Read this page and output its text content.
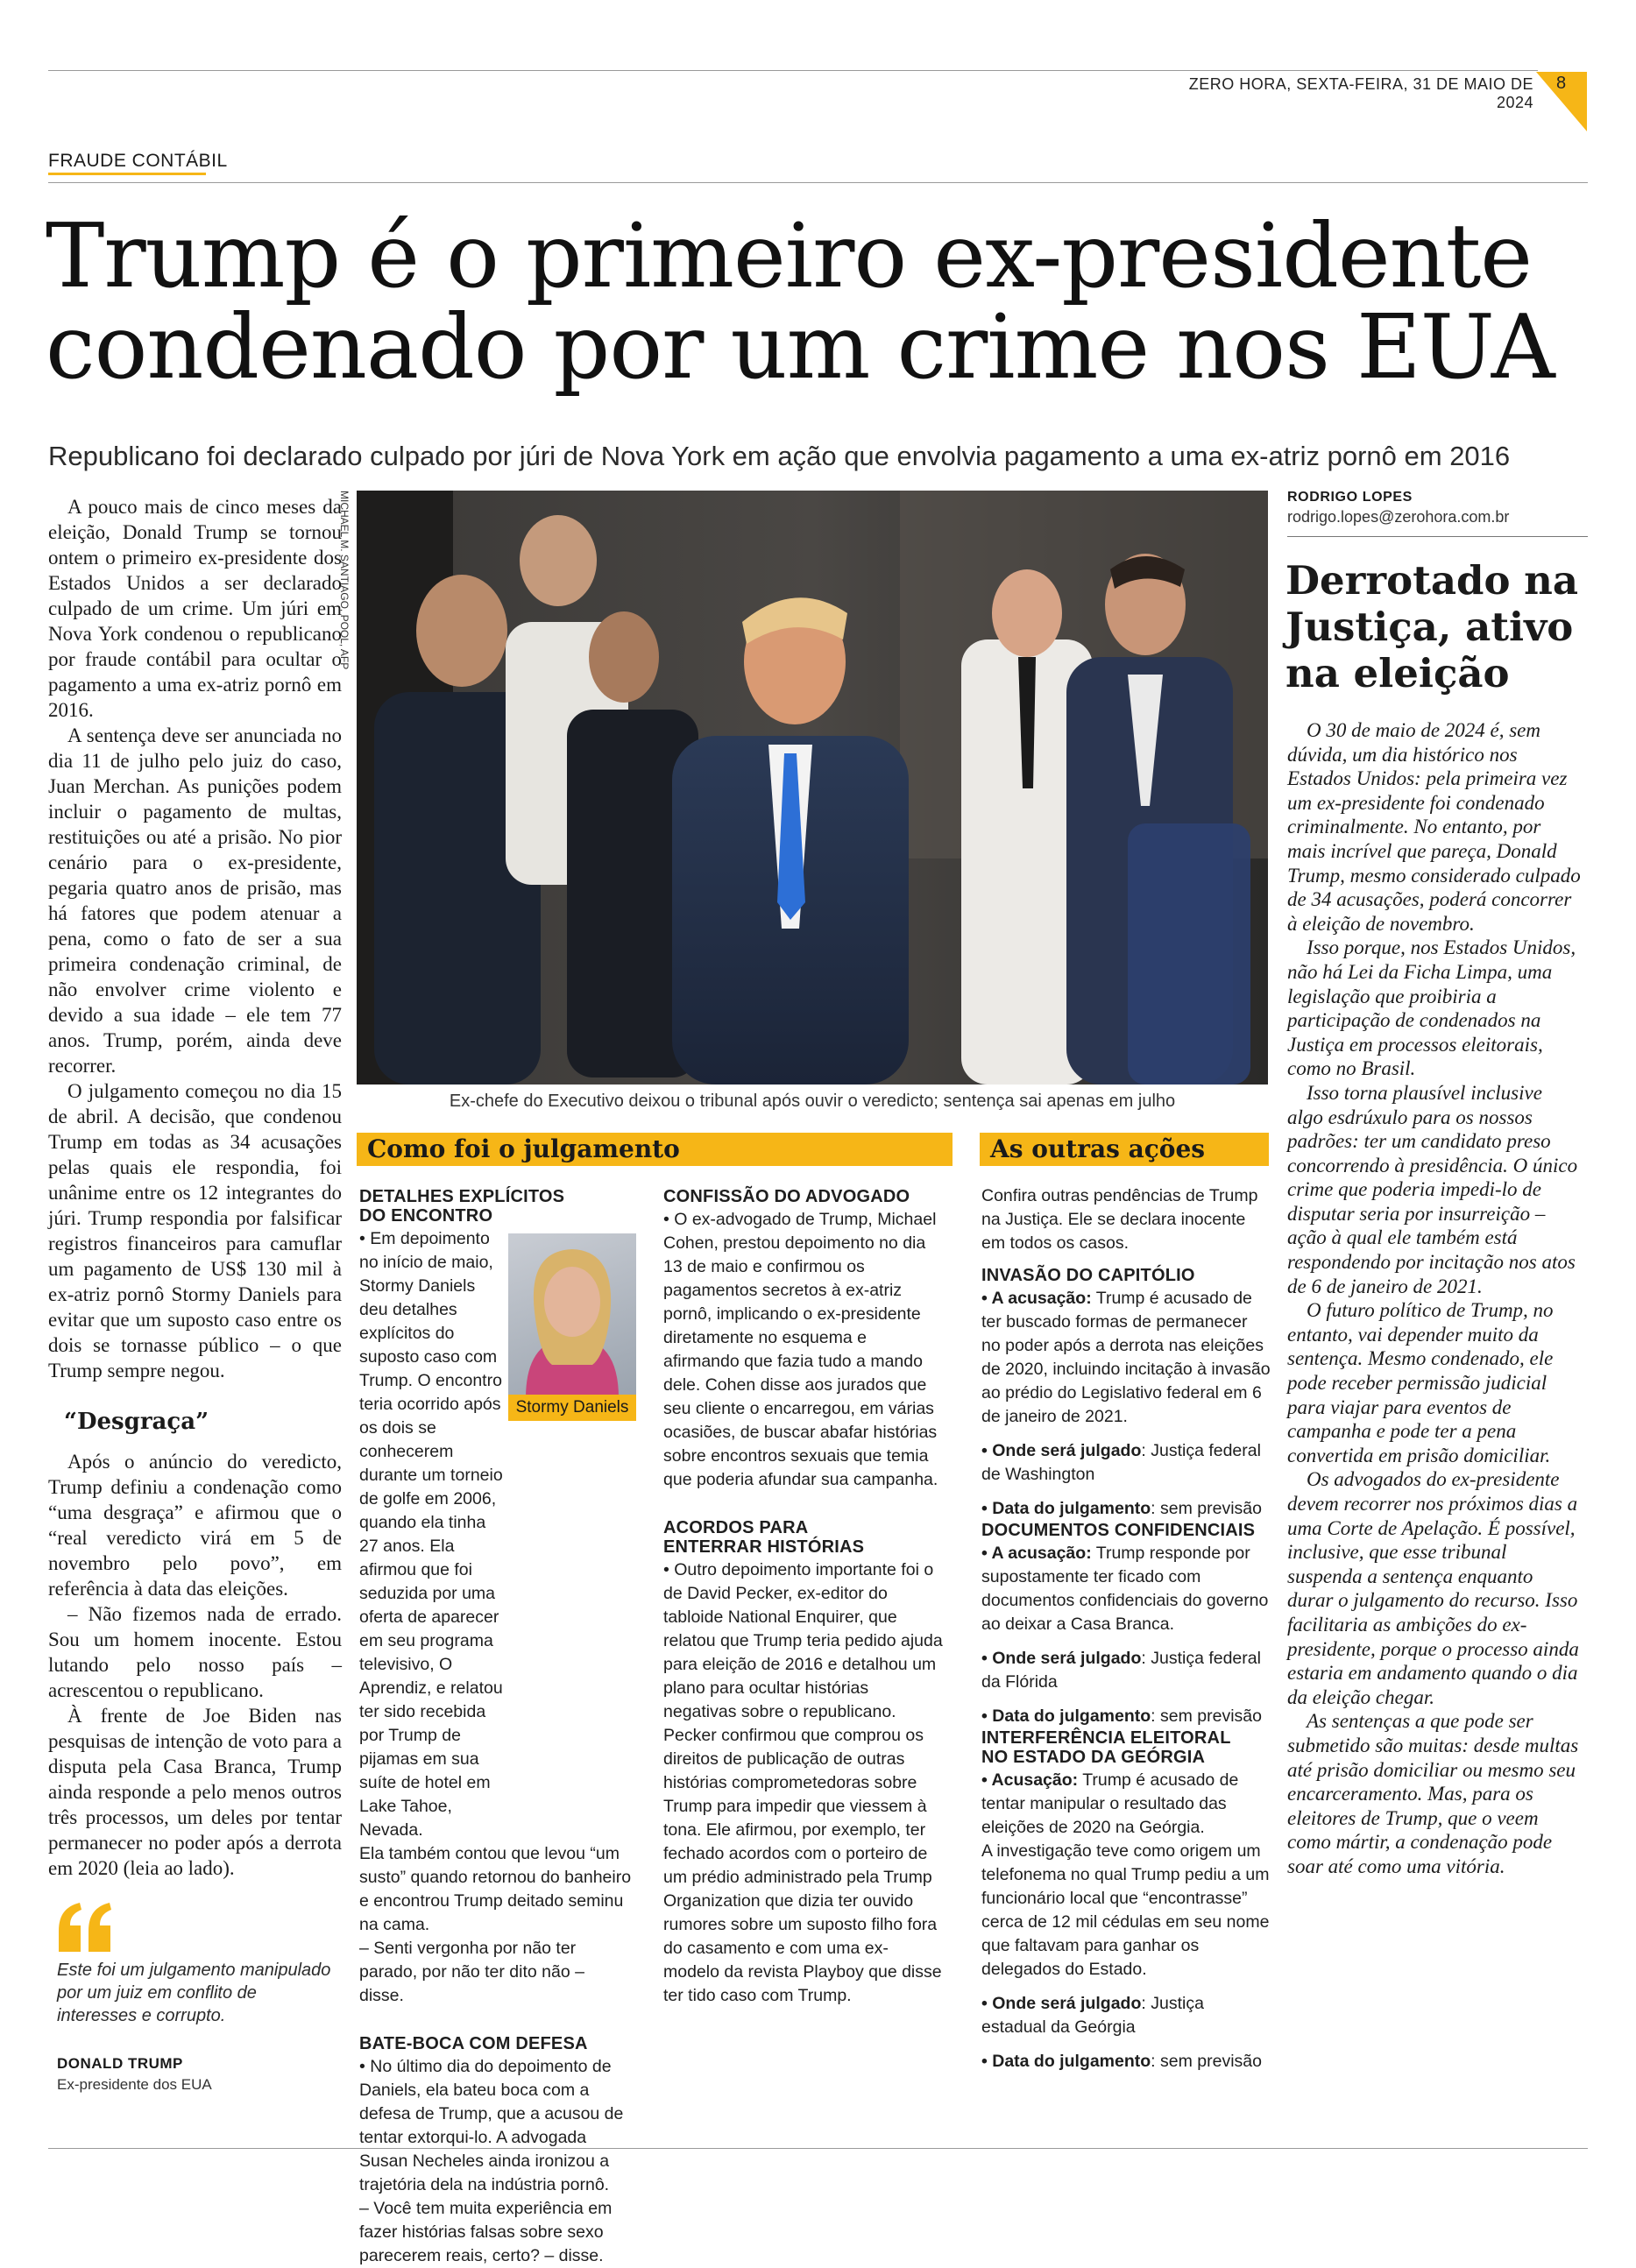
ZERO HORA, SEXTA-FEIRA, 31 DE MAIO DE 2024
8
FRAUDE CONTÁBIL
Trump é o primeiro ex-presidente
condenado por um crime nos EUA
Republicano foi declarado culpado por júri de Nova York em ação que envolvia pagamento a uma ex-atriz pornô em 2016

A pouco mais de cinco meses da eleição, Donald Trump se tornou ontem o primeiro ex-presidente dos Estados Unidos a ser declarado culpado de um crime. Um júri em Nova York condenou o republicano por fraude contábil para ocultar o pagamento a uma ex-atriz pornô em 2016.

A sentença deve ser anunciada no dia 11 de julho pelo juiz do caso, Juan Merchan. As punições podem incluir o pagamento de multas, restituições ou até a prisão. No pior cenário para o ex-presidente, pegaria quatro anos de prisão, mas há fatores que podem atenuar a pena, como o fato de ser a sua primeira condenação criminal, de não envolver crime violento e devido a sua idade – ele tem 77 anos. Trump, porém, ainda deve recorrer.

O julgamento começou no dia 15 de abril. A decisão, que condenou Trump em todas as 34 acusações pelas quais ele respondia, foi unânime entre os 12 integrantes do júri. Trump respondia por falsificar registros financeiros para camuflar um pagamento de US$ 130 mil à ex-atriz pornô Stormy Daniels para evitar que um suposto caso entre os dois se tornasse público – o que Trump sempre negou.

“Desgraça”

Após o anúncio do veredicto, Trump definiu a condenação como “uma desgraça” e afirmou que o “real veredicto virá em 5 de novembro pelo povo”, em referência à data das eleições.

– Não fizemos nada de errado. Sou um homem inocente. Estou lutando pelo nosso país – acrescentou o republicano.

À frente de Joe Biden nas pesquisas de intenção de voto para a disputa pela Casa Branca, Trump ainda responde a pelo menos outros três processos, um deles por tentar permanecer no poder após a derrota em 2020 (leia ao lado).

Este foi um julgamento manipulado por um juiz em conflito de interesses e corrupto.
DONALD TRUMP
Ex-presidente dos EUA
MICHAEL M. SANTIAGO, POOL, AFP
Ex-chefe do Executivo deixou o tribunal após ouvir o veredicto; sentença sai apenas em julho
Como foi o julgamento
DETALHES EXPLÍCITOS
DO ENCONTRO

• Em depoimento no início de maio, Stormy Daniels deu detalhes explícitos do suposto caso com Trump. O encontro teria ocorrido após os dois se conhecerem durante um torneio de golfe em 2006, quando ela tinha 27 anos. Ela afirmou que foi seduzida por uma oferta de aparecer em seu programa televisivo, O Aprendiz, e relatou ter sido recebida por Trump de pijamas em sua suíte de hotel em Lake Tahoe, Nevada.

Ela também contou que levou “um susto” quando retornou do banheiro e encontrou Trump deitado seminu na cama.

– Senti vergonha por não ter parado, por não ter dito não – disse.

BATE-BOCA COM DEFESA

• No último dia do depoimento de Daniels, ela bateu boca com a defesa de Trump, que a acusou de tentar extorqui-lo. A advogada Susan Necheles ainda ironizou a trajetória dela na indústria pornô.

– Você tem muita experiência em fazer histórias falsas sobre sexo parecerem reais, certo? – disse.

Stormy Daniels
CONFISSÃO DO ADVOGADO

• O ex-advogado de Trump, Michael Cohen, prestou depoimento no dia 13 de maio e confirmou os pagamentos secretos à ex-atriz pornô, implicando o ex-presidente diretamente no esquema e afirmando que fazia tudo a mando dele. Cohen disse aos jurados que seu cliente o encarregou, em várias ocasiões, de buscar abafar histórias sobre encontros sexuais que temia que poderia afundar sua campanha.

ACORDOS PARA
ENTERRAR HISTÓRIAS

• Outro depoimento importante foi o de David Pecker, ex-editor do tabloide National Enquirer, que relatou que Trump teria pedido ajuda para eleição de 2016 e detalhou um plano para ocultar histórias negativas sobre o republicano. Pecker confirmou que comprou os direitos de publicação de outras histórias comprometedoras sobre Trump para impedir que viessem à tona. Ele afirmou, por exemplo, ter fechado acordos com o porteiro de um prédio administrado pela Trump Organization que dizia ter ouvido rumores sobre um suposto filho fora do casamento e com uma ex-modelo da revista Playboy que disse ter tido caso com Trump.

As outras ações

Confira outras pendências de Trump na Justiça. Ele se declara inocente em todos os casos.

INVASÃO DO CAPITÓLIO

• A acusação: Trump é acusado de ter buscado formas de permanecer no poder após a derrota nas eleições de 2020, incluindo incitação à invasão ao prédio do Legislativo federal em 6 de janeiro de 2021.

• Onde será julgado: Justiça federal de Washington

• Data do julgamento: sem previsão

DOCUMENTOS CONFIDENCIAIS

• A acusação: Trump responde por supostamente ter ficado com documentos confidenciais do governo ao deixar a Casa Branca.

• Onde será julgado: Justiça federal da Flórida

• Data do julgamento: sem previsão

INTERFERÊNCIA ELEITORAL
NO ESTADO DA GEÓRGIA

• Acusação: Trump é acusado de tentar manipular o resultado das eleições de 2020 na Geórgia.

A investigação teve como origem um telefonema no qual Trump pediu a um funcionário local que “encontrasse” cerca de 12 mil cédulas em seu nome que faltavam para ganhar os delegados do Estado.

• Onde será julgado: Justiça estadual da Geórgia

• Data do julgamento: sem previsão

RODRIGO LOPES
rodrigo.lopes@zerohora.com.br
Derrotado na Justiça, ativo na eleição

O 30 de maio de 2024 é, sem dúvida, um dia histórico nos Estados Unidos: pela primeira vez um ex-presidente foi condenado criminalmente. No entanto, por mais incrível que pareça, Donald Trump, mesmo considerado culpado de 34 acusações, poderá concorrer à eleição de novembro.

Isso porque, nos Estados Unidos, não há Lei da Ficha Limpa, uma legislação que proibiria a participação de condenados na Justiça em processos eleitorais, como no Brasil.

Isso torna plausível inclusive algo esdrúxulo para os nossos padrões: ter um candidato preso concorrendo à presidência. O único crime que poderia impedi-lo de disputar seria por insurreição – ação à qual ele também está respondendo por incitação nos atos de 6 de janeiro de 2021.

O futuro político de Trump, no entanto, vai depender muito da sentença. Mesmo condenado, ele pode receber permissão judicial para viajar para eventos de campanha e pode ter a pena convertida em prisão domiciliar.

Os advogados do ex-presidente devem recorrer nos próximos dias a uma Corte de Apelação. É possível, inclusive, que esse tribunal suspenda a sentença enquanto durar o julgamento do recurso. Isso facilitaria as ambições do ex-presidente, porque o processo ainda estaria em andamento quando o dia da eleição chegar.

As sentenças a que pode ser submetido são muitas: desde multas até prisão domiciliar ou mesmo seu encarceramento. Mas, para os eleitores de Trump, que o veem como mártir, a condenação pode soar até como uma vitória.
